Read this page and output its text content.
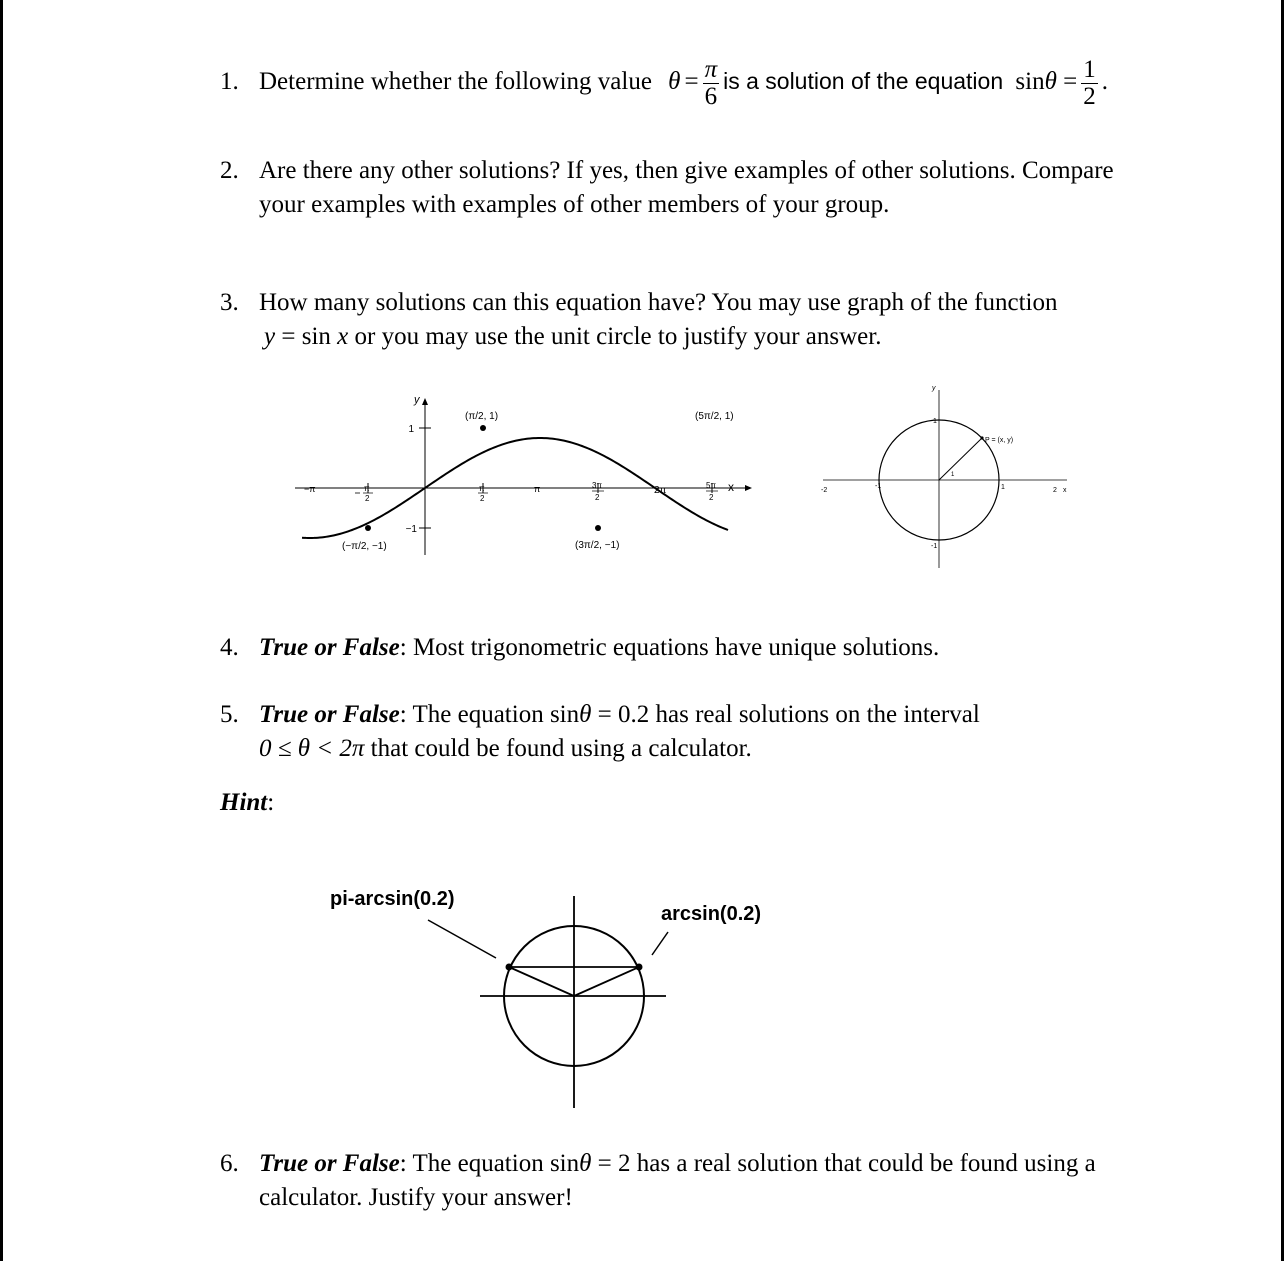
1. Determine whether the following value $\theta = \frac{\pi}{6}$ is a solution of the equation $\sin\theta = \frac{1}{2}$ .
2. Are there any other solutions? If yes, then give examples of other solutions. Compare
your examples with examples of other members of your group.
3. How many solutions can this equation have? You may use graph of the function
y = sin x or you may use the unit circle to justify your answer.
y
x
1
−1
−π	π
2
π
2
π	3π
2
2π	5π
2
(π/2, 1)	(5π/2, 1)
(−π/2, −1)	(3π/2, −1)
P = (x, y)
1
y
x
2
-2	1
-1
1
-1
4. True or False: Most trigonometric equations have unique solutions.
5. True or False: The equation sinθ = 0.2 has real solutions on the interval
0 ≤ θ < 2π that could be found using a calculator.
Hint:
pi-arcsin(0.2)
arcsin(0.2)
6. True or False: The equation sinθ = 2 has a real solution that could be found using a
calculator. Justify your answer!
